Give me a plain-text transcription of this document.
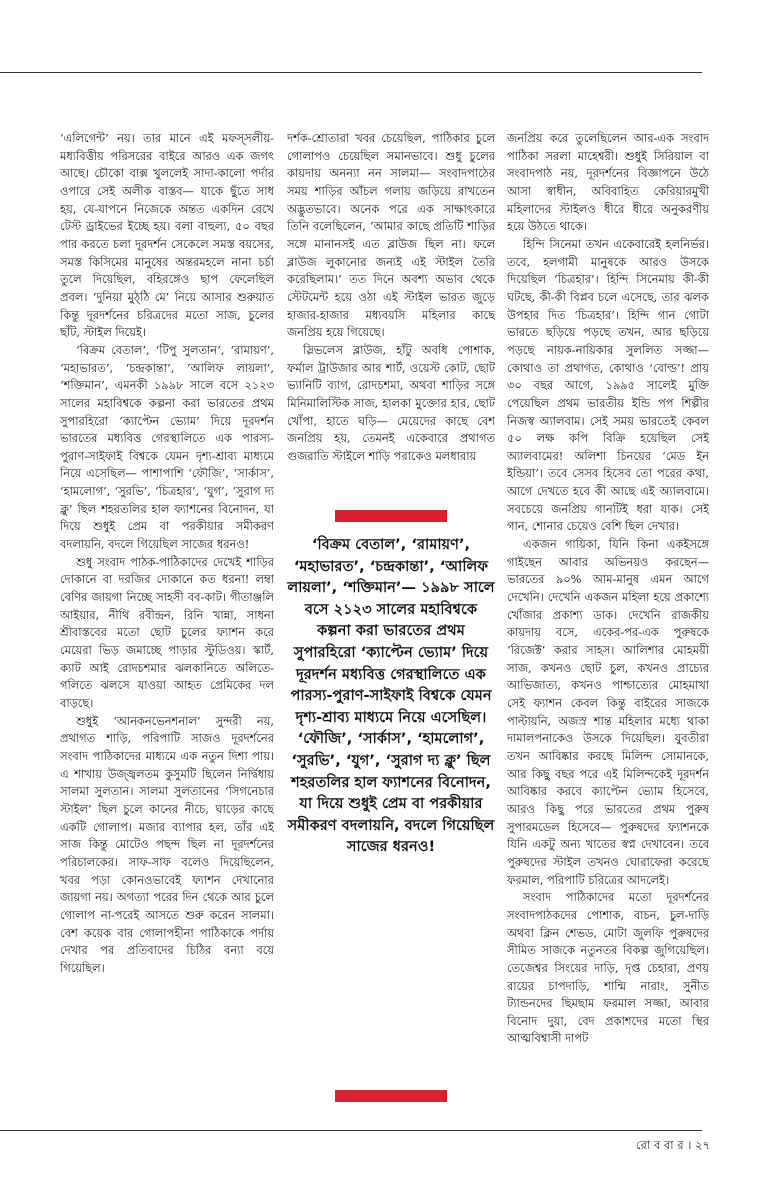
‘এলিগেন্ট’ নয়। তার মানে এই মফস্‌সলীয়-মধ্যবিত্তীয় পরিসরের বাইরে আরও এক জগৎ আছে। চৌকো বাক্স খুললেই সাদা-কালো পর্দার ওপারে সেই অলীক বাস্তব— যাকে ছুঁতে সাধ হয়, যে-যাপনে নিজেকে অন্তত একদিন রেখে টেস্ট ড্রাইভের ইচ্ছে হয়। বলা বাহুল্য, ৫০ বছর পার করতে চলা দূরদর্শন সেকেলে সমস্ত বয়সের, সমস্ত কিসিমের মানুষের অন্তরমহলে নানা চর্চা তুলে দিয়েছিল, বহিরঙ্গেও ছাপ ফেলেছিল প্রবল। ‘দুনিয়া মুঠ্‌ঠি মে’ নিয়ে আসার শুরুয়াত কিন্তু দূরদর্শনের চরিত্রদের মতো সাজ, চুলের ছাঁট, স্টাইল দিয়েই।

‘বিক্রম বেতাল’, ‘টিপু সুলতান’, ‘রামায়ণ’, ‘মহাভারত’, ‘চন্দ্রকান্তা’, ‘আলিফ লায়লা’, ‘শক্তিমান’, এমনকী ১৯৯৮ সালে বসে ২১২৩ সালের মহাবিশ্বকে কল্পনা করা ভারতের প্রথম সুপারহিরো ‘ক্যাপ্টেন ভ্যোম’ দিয়ে দূরদর্শন ভারতের মধ্যবিত্ত গেরস্থালিতে এক পারস্য-পুরাণ-সাইফাই বিশ্বকে যেমন দৃশ্য-শ্রাব্য মাধ্যমে নিয়ে এসেছিল— পাশাপাশি ‘ফৌজি’, ‘সার্কাস’, ‘হামলোগ’, ‘সুরভি’, ‘চিত্রহার’, ‘যুগ’, ‘সুরাগ দ্য ক্লু’ ছিল শহরতলির হাল ফ্যাশনের বিনোদন, যা দিয়ে শুধুই প্রেম বা পরকীয়ার সমীকরণ বদলায়নি, বদলে গিয়েছিল সাজের ধরনও!

শুধু সংবাদ পাঠক-পাঠিকাদের দেখেই শাড়ির দোকানে বা দরজির দোকানে কত ধরনা! লম্বা বেণির জায়গা নিচ্ছে সাহসী বব-কাট। গীতাঞ্জলি আইয়ার, নীথি রবীন্দ্রন, রিনি খান্না, সাধনা শ্রীবাস্তবের মতো ছোট চুলের ফ্যাশন করে মেয়েরা ভিড় জমাচ্ছে পাড়ার স্টুডিওয়। স্কার্ট, ক্যাট আই রোদচশমার ঝলকানিতে অলিতে-গলিতে ঝলসে যাওয়া আহত প্রেমিকের দল বাড়ছে।

শুধুই ‘আনকনভেনশনাল’ সুন্দরী নয়, প্রথাগত শাড়ি, পরিপাটি সাজও দূরদর্শনের সংবাদ পাঠিকাদের মাধ্যমে এক নতুন দিশা পায়। এ শাখায় উজ্জ্বলতম কুসুমটি ছিলেন নির্দ্বিধায় সালমা সুলতান। সালমা সুলতানের ‘সিগনেচার স্টাইল’ ছিল চুলে কানের নীচে, ঘাড়ের কাছে একটি গোলাপ। মজার ব্যাপার হল, তাঁর এই সাজ কিন্তু মোটেও পছন্দ ছিল না দূরদর্শনের পরিচালকের। সাফ-সাফ বলেও দিয়েছিলেন, খবর পড়া কোনওভাবেই ফ্যাশন দেখানোর জায়গা নয়। অগত্যা পরের দিন থেকে আর চুলে গোলাপ না-পরেই আসতে শুরু করেন সালমা। বেশ কয়েক বার গোলাপহীনা পাঠিকাকে পর্দায় দেখার পর প্রতিবাদের চিঠির বন্যা বয়ে গিয়েছিল।

দর্শক-শ্রোতারা খবর চেয়েছিল, পাঠিকার চুলে গোলাপও চেয়েছিল সমানভাবে। শুধু চুলের কায়দায় অনন্যা নন সালমা— সংবাদপাঠের সময় শাড়ির আঁচল গলায় জড়িয়ে রাখতেন অদ্ভুতভাবে। অনেক পরে এক সাক্ষাৎকারে তিনি বলেছিলেন, ‘আমার কাছে প্রতিটি শাড়ির সঙ্গে মানানসই এত ব্লাউজ ছিল না। ফলে ব্লাউজ লুকানোর জন্যই এই স্টাইল তৈরি করেছিলাম।’ তত দিনে অবশ্য অভাব থেকে স্টেটমেন্ট হয়ে ওঠা এই স্টাইল ভারত জুড়ে হাজার-হাজার মধ্যবয়সি মহিলার কাছে জনপ্রিয় হয়ে গিয়েছে।

স্লিভলেস ব্লাউজ, হাঁটু অবধি পোশাক, ফর্মাল ট্রাউজার আর শার্ট, ওয়েস্ট কোট, ছোট ভ্যানিটি ব্যাগ, রোদচশমা, অথবা শাড়ির সঙ্গে মিনিমালিস্টিক সাজ, হালকা মুক্তোর হার, ছোট খোঁপা, হাতে ঘড়ি— মেয়েদের কাছে বেশ জনপ্রিয় হয়, তেমনই একেবারে প্রথাগত গুজরাতি স্টাইলে শাড়ি পরাকেও মলধারায়

‘বিক্রম বেতাল’, ‘রামায়ণ’, ‘মহাভারত’, ‘চন্দ্রকান্তা’, ‘আলিফ লায়লা’, ‘শক্তিমান’— ১৯৯৮ সালে বসে ২১২৩ সালের মহাবিশ্বকে কল্পনা করা ভারতের প্রথম সুপারহিরো ‘ক্যাপ্টেন ভ্যোম’ দিয়ে দূরদর্শন মধ্যবিত্ত গেরস্থালিতে এক পারস্য-পুরাণ-সাইফাই বিশ্বকে যেমন দৃশ্য-শ্রাব্য মাধ্যমে নিয়ে এসেছিল। ‘ফৌজি’, ‘সার্কাস’, ‘হামলোগ’, ‘সুরভি’, ‘যুগ’, ‘সুরাগ দ্য ক্লু’ ছিল শহরতলির হাল ফ্যাশনের বিনোদন, যা দিয়ে শুধুই প্রেম বা পরকীয়ার সমীকরণ বদলায়নি, বদলে গিয়েছিল সাজের ধরনও!

জনপ্রিয় করে তুলেছিলেন আর-এক সংবাদ পাঠিকা সরলা মাহেশ্বরী। শুধুই সিরিয়াল বা সংবাদপাঠ নয়, দূরদর্শনের বিজ্ঞাপনে উঠে আসা স্বাধীন, অবিবাহিত কেরিয়ারমুখী মহিলাদের স্টাইলও ধীরে ধীরে অনুকরণীয় হয়ে উঠতে থাকে।

হিন্দি সিনেমা তখন একেবারেই হলনির্ভর। তবে, হলগামী মানুষকে আরও উসকে দিয়েছিল ‘চিত্রহার’। হিন্দি সিনেমায় কী-কী ঘটছে, কী-কী বিপ্লব চলে এসেছে, তার ঝলক উপহার দিত ‘চিত্রহার’। হিন্দি গান গোটা ভারতে ছড়িয়ে পড়ছে তখন, আর ছড়িয়ে পড়ছে নায়ক-নায়িকার সুললিত সজ্জা— কোথাও তা প্রথাগত, কোথাও ‘বোল্ড’! প্রায় ৩০ বছর আগে, ১৯৯৫ সালেই মুক্তি পেয়েছিল প্রথম ভারতীয় ইন্ডি পপ শিল্পীর নিজস্ব অ্যালবাম। সেই সময় ভারতেই কেবল ৫০ লক্ষ কপি বিক্রি হয়েছিল সেই অ্যালবামের! অলিশা চিনয়ের ‘মেড ইন ইন্ডিয়া’। তবে সেসব হিসেব তো পরের কথা, আগে দেখতে হবে কী আছে এই অ্যালবামে। সবচেয়ে জনপ্রিয় গানটিই ধরা যাক। সেই গান, শোনার চেয়েও বেশি ছিল দেখার।

একজন গায়িকা, যিনি কিনা একইসঙ্গে গাইছেন আবার অভিনয়ও করছেন— ভারতের ৯০% আম-মানুষ এমন আগে দেখেনি। দেখেনি একজন মহিলা হয়ে প্রকাশ্যে খোঁজার প্রকাশ্য ডাক। দেখেনি রাজকীয় কায়দায় বসে, একের-পর-এক পুরুষকে ‘রিজেক্ট’ করার সাহস। আলিশার মোহময়ী সাজ, কখনও ছোট চুল, কখনও প্রাচ্যের আভিজাত্য, কখনও পাশ্চাত্যের মোহমাখা সেই ফ্যাশন কেবল কিন্তু বাইরের সাজকে পাল্টায়নি, অজস্র শান্ত মহিলার মধ্যে থাকা দামালপনাকেও উসকে দিয়েছিল। যুবতীরা তখন আবিষ্কার করছে মিলিন্দ সোমানকে, আর কিছু বছর পরে এই মিলিন্দকেই দূরদর্শন আবিষ্কার করবে ক্যাপ্টেন ভ্যোম হিসেবে, আরও কিছু পরে ভারতের প্রথম পুরুষ সুপারমডেল হিসেবে— পুরুষদের ফ্যাশনকে যিনি একটু অন্য খাতের স্বপ্ন দেখাবেন। তবে পুরুষদের স্টাইল তখনও ঘোরাফেরা করেছে ফরমাল, পরিপাটি চরিত্রের আদলেই।

সংবাদ পাঠিকাদের মতো দূরদর্শনের সংবাদপাঠকদের পোশাক, বাচন, চুল-দাড়ি অথবা ক্লিন শেভড, মোটা জুলফি পুরুষদের সীমিত সাজকে নতুনতর বিকল্প জুগিয়েছিল। তেজেশ্বর সিংয়ের দাড়ি, দৃপ্ত চেহারা, প্রণয় রায়ের চাপদাড়ি, শান্মি নারাং, সুনীত ট্যান্ডনদের ছিমছাম ফরমাল সজ্জা, আবার বিনোদ দুয়া, বেদ প্রকাশদের মতো স্থির আত্মবিশ্বাসী দাপট

রো ব বা র । ২৭
